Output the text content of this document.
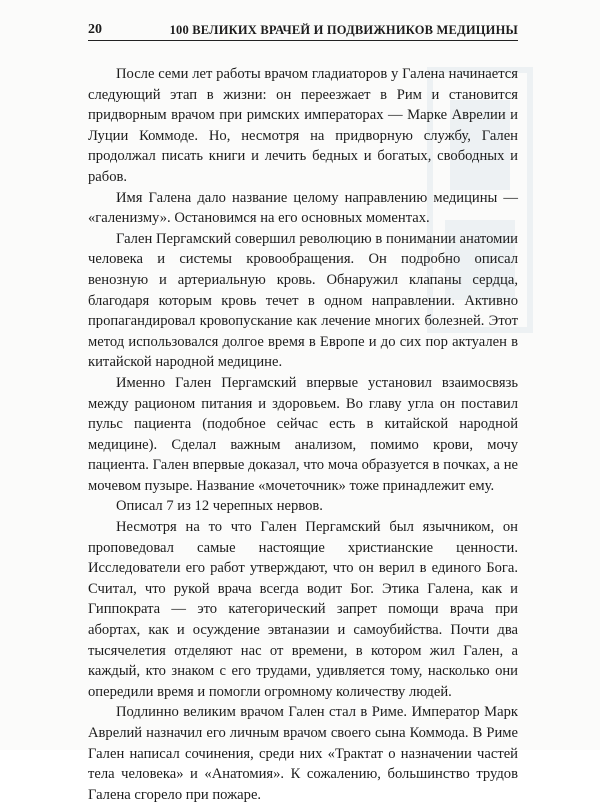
20	100 ВЕЛИКИХ ВРАЧЕЙ И ПОДВИЖНИКОВ МЕДИЦИНЫ

После семи лет работы врачом гладиаторов у Галена начинается следующий этап в жизни: он переезжает в Рим и становится придворным врачом при римских императорах — Марке Аврелии и Луции Коммоде. Но, несмотря на придворную службу, Гален продолжал писать книги и лечить бедных и богатых, свободных и рабов.

Имя Галена дало название целому направлению медицины — «галенизму». Остановимся на его основных моментах.

Гален Пергамский совершил революцию в понимании анатомии человека и системы кровообращения. Он подробно описал венозную и артериальную кровь. Обнаружил клапаны сердца, благодаря которым кровь течет в одном направлении. Активно пропагандировал кровопускание как лечение многих болезней. Этот метод использовался долгое время в Европе и до сих пор актуален в китайской народной медицине.

Именно Гален Пергамский впервые установил взаимосвязь между рационом питания и здоровьем. Во главу угла он поставил пульс пациента (подобное сейчас есть в китайской народной медицине). Сделал важным анализом, помимо крови, мочу пациента. Гален впервые доказал, что моча образуется в почках, а не мочевом пузыре. Название «мочеточник» тоже принадлежит ему.

Описал 7 из 12 черепных нервов.

Несмотря на то что Гален Пергамский был язычником, он проповедовал самые настоящие христианские ценности. Исследователи его работ утверждают, что он верил в единого Бога. Считал, что рукой врача всегда водит Бог. Этика Галена, как и Гиппократа — это категорический запрет помощи врача при абортах, как и осуждение эвтаназии и самоубийства. Почти два тысячелетия отделяют нас от времени, в котором жил Гален, а каждый, кто знаком с его трудами, удивляется тому, насколько они опередили время и помогли огромному количеству людей.

Подлинно великим врачом Гален стал в Риме. Император Марк Аврелий назначил его личным врачом своего сына Коммода. В Риме Гален написал сочинения, среди них «Трактат о назначении частей тела человека» и «Анатомия». К сожалению, большинство трудов Галена сгорело при пожаре.
